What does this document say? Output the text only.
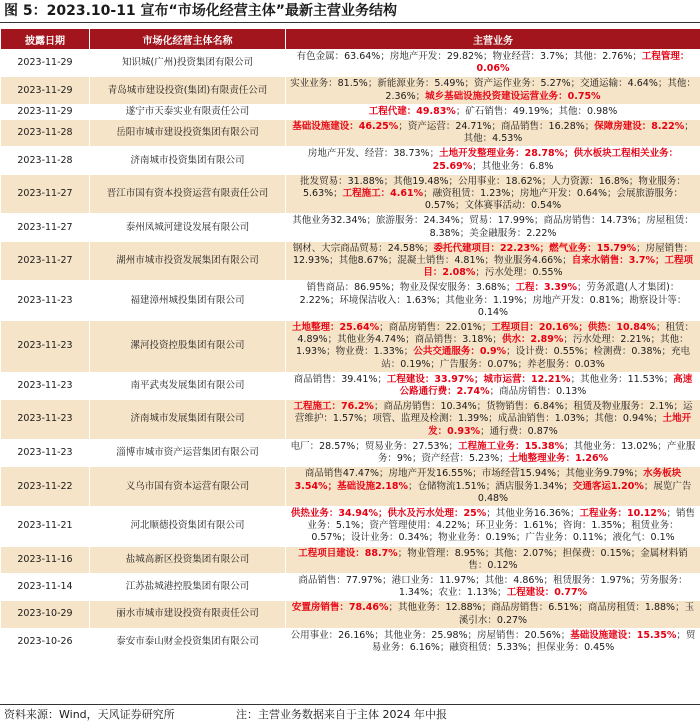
图 5：2023.10-11 宣布“市场化经营主体”最新主营业务结构
披露日期	市场化经营主体名称	主营业务
2023-11-29	知识城(广州)投资集团有限公司	有色金属：63.64%；房地产开发：29.82%；物业经营：3.7%；其他：2.76%；工程管理：0.06%
2023-11-29	青岛城市建设投资(集团)有限责任公司	实业业务：81.5%；新能源业务：5.49%；资产运作业务：5.27%；交通运输：4.64%；其他：2.36%；城乡基础设施投资建设运营业务：0.75%
2023-11-29	遂宁市天泰实业有限责任公司	工程代建：49.83%；矿石销售：49.19%；其他：0.98%
2023-11-28	岳阳市城市建设投资集团有限公司	基础设施建设：46.25%；资产运营：24.71%；商品销售：16.28%；保障房建设：8.22%；其他：4.53%
2023-11-28	济南城市投资集团有限公司	房地产开发、经营：38.73%；土地开发整理业务：28.78%；供水板块工程相关业务：25.69%；其他业务：6.8%
2023-11-27	晋江市国有资本投资运营有限责任公司	批发贸易：31.88%；其他19.48%；公用事业：18.62%；人力资源：16.8%；物业服务：5.63%；工程施工：4.61%；融资租赁：1.23%；房地产开发：0.64%；会展旅游服务：0.57%；文体赛事活动：0.54%
2023-11-27	泰州凤城河建设发展有限公司	其他业务32.34%；旅游服务：24.34%；贸易：17.99%；商品房销售：14.73%；房屋租赁：8.38%；美金融服务：2.22%
2023-11-27	湖州市城市投资发展集团有限公司	钢材、大宗商品贸易：24.58%；委托代建项目：22.23%；燃气业务：15.79%；房屋销售：12.93%；其他8.67%；混凝土销售：4.81%；物业服务4.66%；自来水销售：3.7%；工程项目：2.08%；污水处理：0.55%
2023-11-23	福建漳州城投集团有限公司	销售商品：86.95%；物业及保安服务：3.68%；工程：3.39%；劳务派遣(人才集团)：2.22%；环境保洁收入：1.63%；其他业务：1.19%；房地产开发：0.81%；勘察设计等：0.14%
2023-11-23	漯河投资控股集团有限公司	土地整理：25.64%；商品房销售：22.01%；工程项目：20.16%；供热：10.84%；租赁：4.89%；其他业务4.74%；商品销售：3.18%；供水：2.89%；污水处理：2.21%；其他：1.93%；物业费：1.33%；公共交通服务：0.9%；设计费：0.55%；检测费：0.38%；充电站：0.19%；广告服务：0.07%；养老服务：0.03%
2023-11-23	南平武夷发展集团有限公司	商品销售：39.41%；工程建设：33.97%；城市运营：12.21%；其他业务：11.53%；高速公路通行费：2.74%；商品房销售：0.13%
2023-11-23	济南城市发展集团有限公司	工程施工：76.2%；商品房销售：10.34%；货物销售：6.84%；租赁及物业服务：2.1%；运营维护：1.57%；项管、监理及检测：1.39%；成品油销售：1.03%；其他：0.94%；土地开发：0.93%；通行费：0.87%
2023-11-23	淄博市城市资产运营集团有限公司	电厂：28.57%；贸易业务：27.53%；工程施工业务：15.38%；其他业务：13.02%；产业服务：9%；资产经营：5.23%；土地整理业务：1.26%
2023-11-22	义乌市国有资本运营有限公司	商品销售47.47%；房地产开发16.55%；市场经营15.94%；其他业务9.79%；水务板块3.54%；基础设施2.18%；仓储物流1.51%；酒店服务1.34%；交通客运1.20%；展览广告0.48%
2023-11-21	河北顺德投资集团有限公司	供热业务：34.94%；供水及污水处理：25%；其他业务16.36%；工程业务：10.12%；销售业务：5.1%；资产管理使用：4.22%；环卫业务：1.61%；咨询：1.35%；租赁业务：0.57%；设计业务：0.34%；物业业务：0.19%；广告业务：0.11%；液化气：0.1%
2023-11-16	盐城高新区投资集团有限公司	工程项目建设：88.7%；物业管理：8.95%；其他：2.07%；担保费：0.15%；金属材料销售：0.12%
2023-11-14	江苏盐城港控股集团有限公司	商品销售：77.97%；港口业务：11.97%；其他：4.86%；租赁服务：1.97%；劳务服务：1.34%；农业：1.13%；工程建设：0.77%
2023-10-29	丽水市城市建设投资有限责任公司	安置房销售：78.46%；其他业务：12.88%；商品房销售：6.51%；商品房租赁：1.88%；玉溪引水：0.27%
2023-10-26	泰安市泰山财金投资集团有限公司	公用事业：26.16%；其他业务：25.98%；房屋销售：20.56%；基础设施建设：15.35%；贸易业务：6.16%；融资租赁：5.33%；担保业务：0.45%
资料来源：Wind，天风证券研究所	注：主营业务数据来自于主体 2024 年中报
